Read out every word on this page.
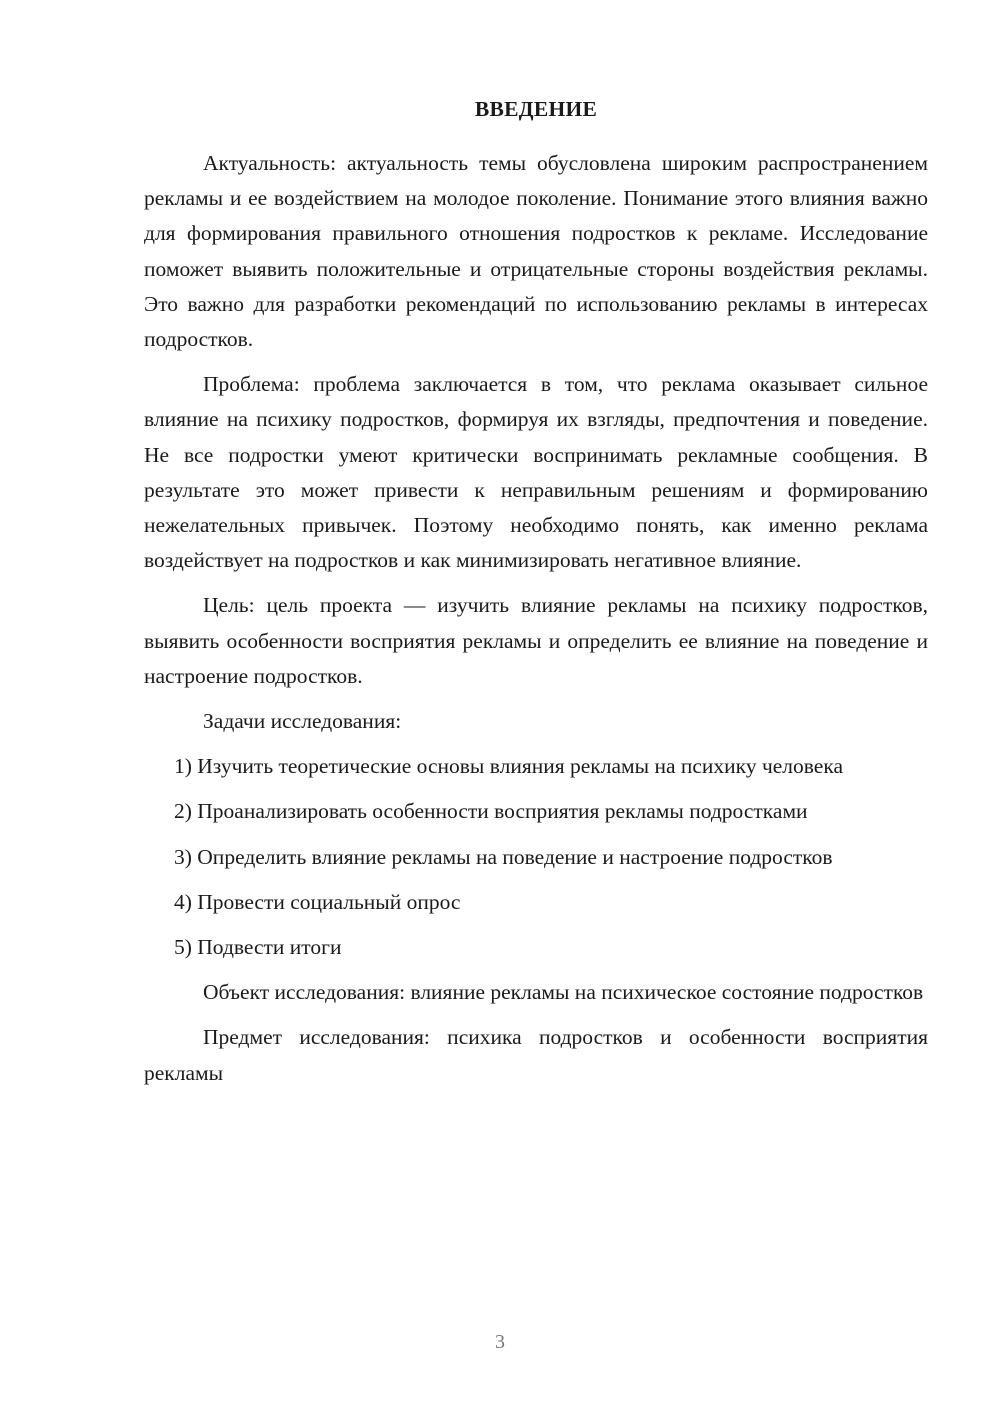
ВВЕДЕНИЕ

Актуальность: актуальность темы обусловлена широким распространением рекламы и ее воздействием на молодое поколение. Понимание этого влияния важно для формирования правильного отношения подростков к рекламе. Исследование поможет выявить положительные и отрицательные стороны воздействия рекламы. Это важно для разработки рекомендаций по использованию рекламы в интересах подростков.

Проблема: проблема заключается в том, что реклама оказывает сильное влияние на психику подростков, формируя их взгляды, предпочтения и поведение. Не все подростки умеют критически воспринимать рекламные сообщения. В результате это может привести к неправильным решениям и формированию нежелательных привычек. Поэтому необходимо понять, как именно реклама воздействует на подростков и как минимизировать негативное влияние.

Цель: цель проекта — изучить влияние рекламы на психику подростков, выявить особенности восприятия рекламы и определить ее влияние на поведение и настроение подростков.

Задачи исследования:

1) Изучить теоретические основы влияния рекламы на психику человека

2) Проанализировать особенности восприятия рекламы подростками

3) Определить влияние рекламы на поведение и настроение подростков

4) Провести социальный опрос

5) Подвести итоги

Объект исследования: влияние рекламы на психическое состояние подростков

Предмет исследования: психика подростков и особенности восприятия рекламы

3
